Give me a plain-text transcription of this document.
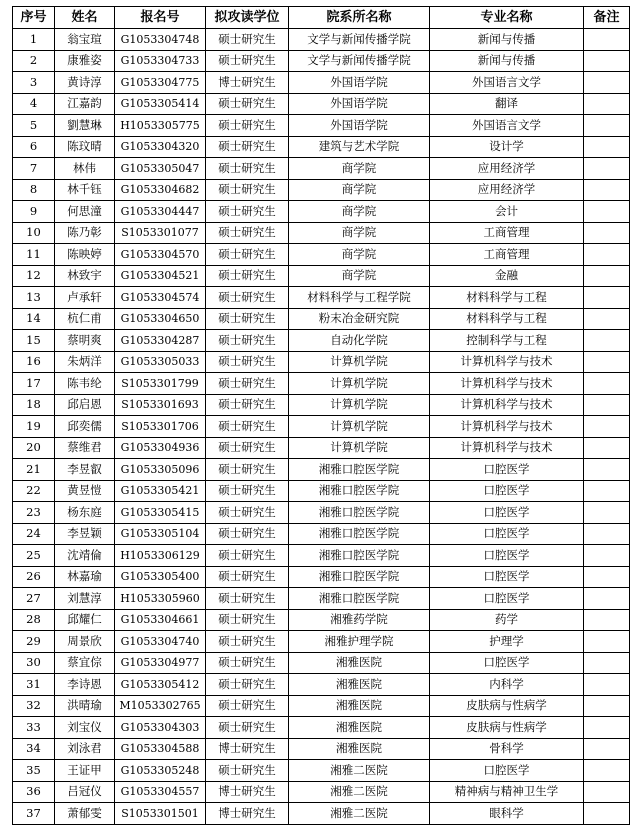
序号	姓名	报名号	拟攻读学位	院系所名称	专业名称	备注
1	翁宝瑄	G1053304748	硕士研究生	文学与新闻传播学院	新闻与传播	
2	康雅姿	G1053304733	硕士研究生	文学与新闻传播学院	新闻与传播	
3	黄诗淳	G1053304775	博士研究生	外国语学院	外国语言文学	
4	江嘉韵	G1053305414	硕士研究生	外国语学院	翻译	
5	劉慧琳	H1053305775	硕士研究生	外国语学院	外国语言文学	
6	陈玟晴	G1053304320	硕士研究生	建筑与艺术学院	设计学	
7	林伟	G1053305047	硕士研究生	商学院	应用经济学	
8	林千钰	G1053304682	硕士研究生	商学院	应用经济学	
9	何思潼	G1053304447	硕士研究生	商学院	会计	
10	陈乃彰	S1053301077	硕士研究生	商学院	工商管理	
11	陈映婷	G1053304570	硕士研究生	商学院	工商管理	
12	林致宇	G1053304521	硕士研究生	商学院	金融	
13	卢承轩	G1053304574	硕士研究生	材料科学与工程学院	材料科学与工程	
14	杭仁甫	G1053304650	硕士研究生	粉末冶金研究院	材料科学与工程	
15	蔡明爽	G1053304287	硕士研究生	自动化学院	控制科学与工程	
16	朱炳洋	G1053305033	硕士研究生	计算机学院	计算机科学与技术	
17	陈韦纶	S1053301799	硕士研究生	计算机学院	计算机科学与技术	
18	邱启恩	S1053301693	硕士研究生	计算机学院	计算机科学与技术	
19	邱奕儒	S1053301706	硕士研究生	计算机学院	计算机科学与技术	
20	蔡维君	G1053304936	硕士研究生	计算机学院	计算机科学与技术	
21	李昱叡	G1053305096	硕士研究生	湘雅口腔医学院	口腔医学	
22	黄昱愷	G1053305421	硕士研究生	湘雅口腔医学院	口腔医学	
23	杨东庭	G1053305415	硕士研究生	湘雅口腔医学院	口腔医学	
24	李昱颖	G1053305104	硕士研究生	湘雅口腔医学院	口腔医学	
25	沈靖倫	H1053306129	硕士研究生	湘雅口腔医学院	口腔医学	
26	林嘉瑜	G1053305400	硕士研究生	湘雅口腔医学院	口腔医学	
27	刘慧淳	H1053305960	硕士研究生	湘雅口腔医学院	口腔医学	
28	邱耀仁	G1053304661	硕士研究生	湘雅药学院	药学	
29	周景欣	G1053304740	硕士研究生	湘雅护理学院	护理学	
30	蔡宜倧	G1053304977	硕士研究生	湘雅医院	口腔医学	
31	李诗恩	G1053305412	硕士研究生	湘雅医院	内科学	
32	洪晴瑜	M1053302765	硕士研究生	湘雅医院	皮肤病与性病学	
33	刘宝仪	G1053304303	硕士研究生	湘雅医院	皮肤病与性病学	
34	刘泳君	G1053304588	博士研究生	湘雅医院	骨科学	
35	王证甲	G1053305248	硕士研究生	湘雅二医院	口腔医学	
36	吕冠仪	G1053304557	博士研究生	湘雅二医院	精神病与精神卫生学	
37	萧郁雯	S1053301501	博士研究生	湘雅二医院	眼科学	
